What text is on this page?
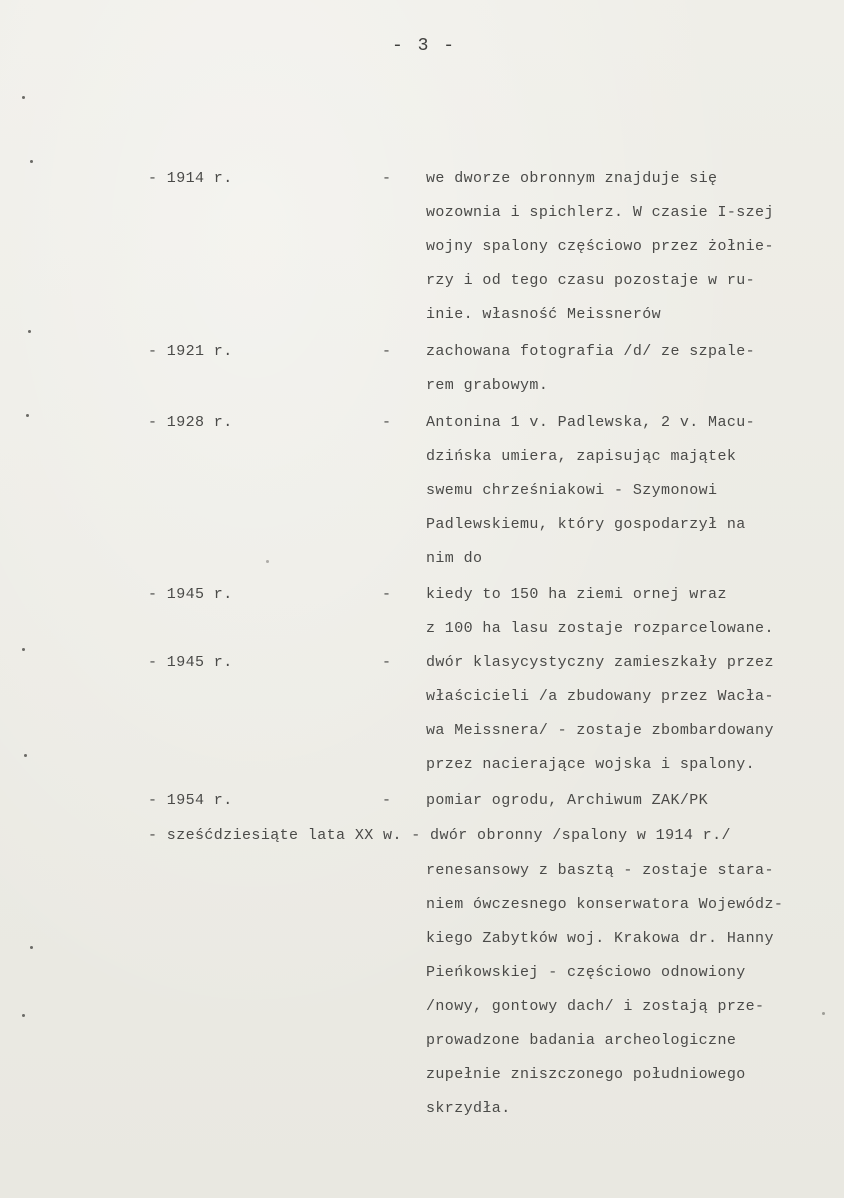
- 3 -
- 1914 r.	- we dworze obronnym znajduje się
wozownia i spichlerz. W czasie I-szej
wojny spalony częściowo przez żołnie-
rzy i od tego czasu pozostaje w ru-
inie. własność Meissnerów
- 1921 r.	- zachowana fotografia /d/ ze szpale-
rem grabowym.
- 1928 r.	- Antonina 1 v. Padlewska, 2 v. Macu-
dzińska umiera, zapisując majątek
swemu chrześniakowi - Szymonowi
Padlewskiemu, który gospodarzył na
nim do
- 1945 r.	- kiedy to 150 ha ziemi ornej wraz
z 100 ha lasu zostaje rozparcelowane.
- 1945 r.	- dwór klasycystyczny zamieszkały przez
właścicieli /a zbudowany przez Wacła-
wa Meissnera/ - zostaje zbombardowany
przez nacierające wojska i spalony.
- 1954 r.	- pomiar ogrodu, Archiwum ZAK/PK
- sześćdziesiąte lata XX w. - dwór obronny /spalony w 1914 r./
renesansowy z basztą - zostaje stara-
niem ówczesnego konserwatora Wojewódz-
kiego Zabytków woj. Krakowa dr. Hanny
Pieńkowskiej - częściowo odnowiony
/nowy, gontowy dach/ i zostają prze-
prowadzone badania archeologiczne
zupełnie zniszczonego południowego
skrzydła.
